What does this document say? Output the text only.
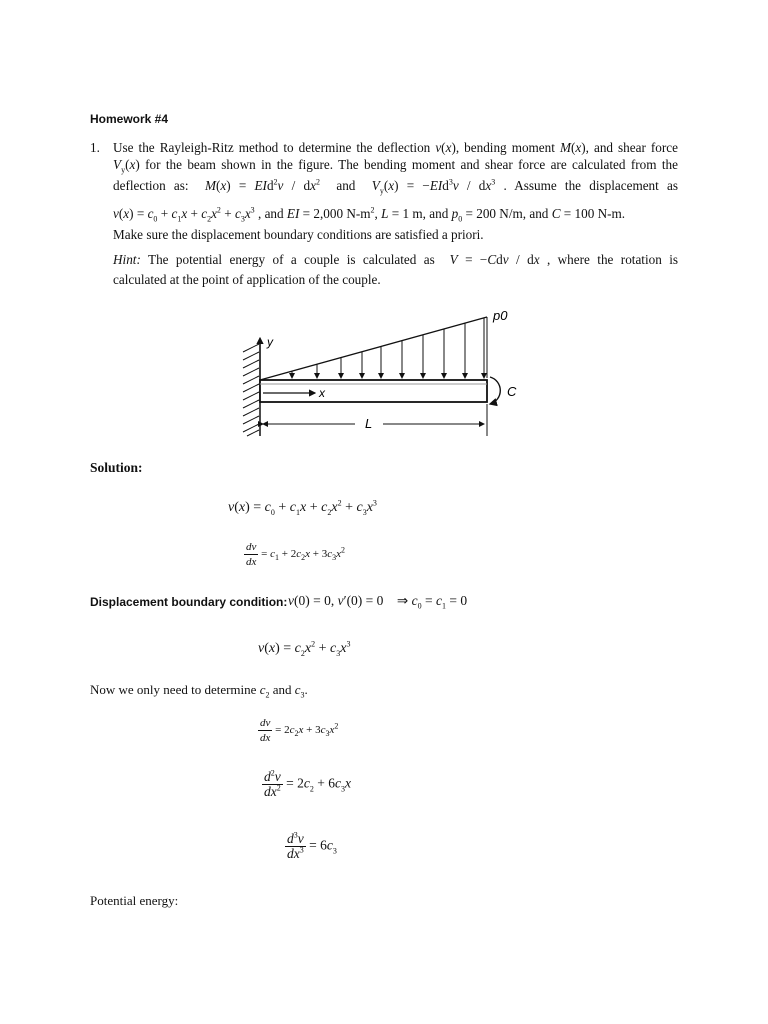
Homework #4
1. Use the Rayleigh-Ritz method to determine the deflection v(x), bending moment M(x), and shear force
$V_y(x)$ for the beam shown in the figure. The bending moment and shear force are calculated from the
deflection as:  $M(x) = EId^2v / dx^2$  and  $V_y(x) = -EId^3v / dx^3$ . Assume the displacement as
$v(x) = c_0 + c_1x + c_2x^2 + c_3x^3$ , and EI = 2,000 $N-m^2$, L = 1 m, and $p_0 = 200$ N/m, and C = 100 N-m.
Make sure the displacement boundary conditions are satisfied a priori.
Hint: The potential energy of a couple is calculated as  V = −Cdv / dx , where the rotation is
calculated at the point of application of the couple.
y
x
p0
C
L
Solution:
$v(x) = c_0 + c_1x + c_2x^2 + c_3x^3$
$\frac{dv}{dx} = c_1 + 2c_2x + 3c_3x^2$
Displacement boundary condition: v(0) = 0, v′(0) = 0    ⇒ $c_0 = c_1 = 0$
$v(x) = c_2x^2 + c_3x^3$
Now we only need to determine $c_2$ and $c_3$.
$\frac{dv}{dx} = 2c_2x + 3c_3x^2$
$\frac{d^2v}{dx^2} = 2c_2 + 6c_3x$
$\frac{d^3v}{dx^3} = 6c_3$
Potential energy:
